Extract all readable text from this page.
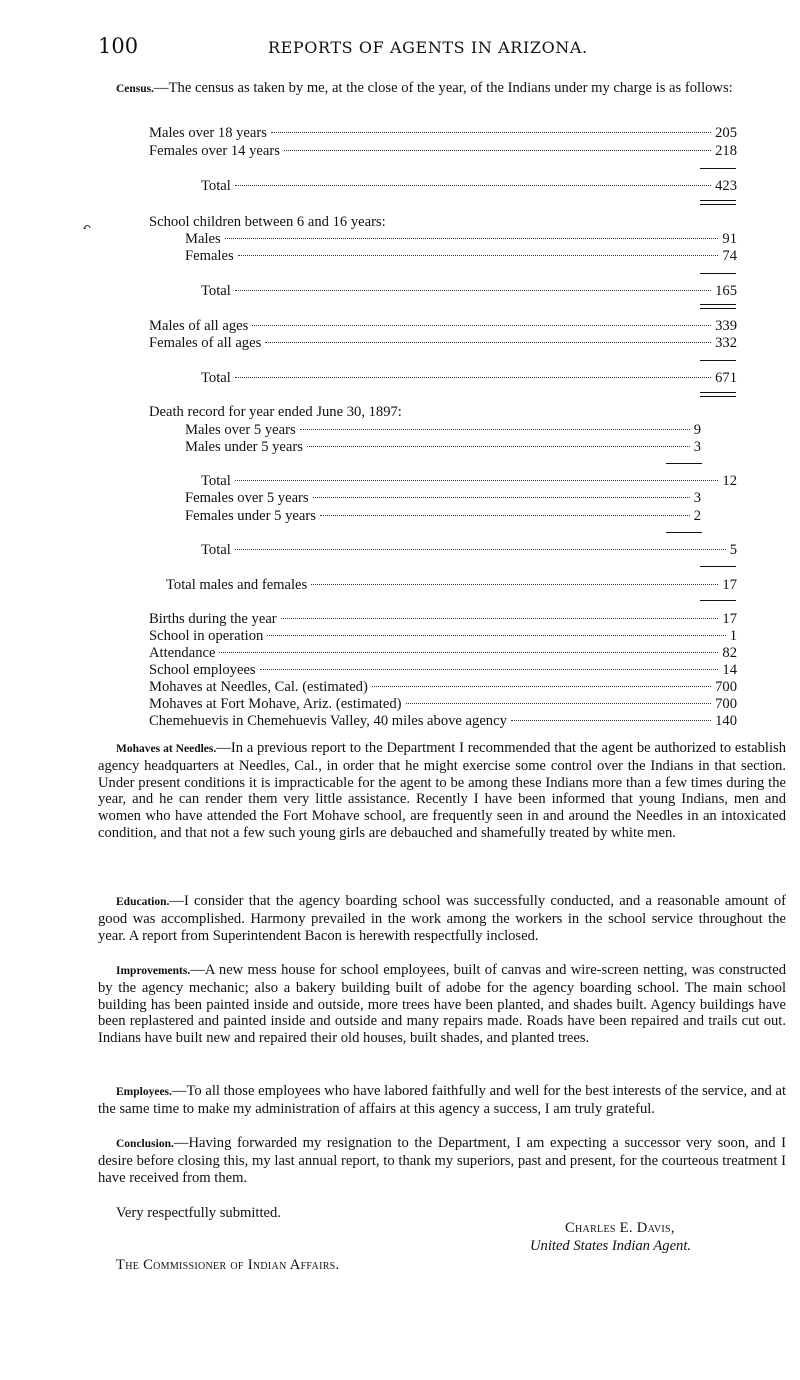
100	REPORTS OF AGENTS IN ARIZONA.
Census.—The census as taken by me, at the close of the year, of the Indians under my charge is as follows:
Males over 18 years	205
Females over 14 years	218
Total	423
↶	School children between 6 and 16 years:
Males	91
Females	74
Total	165
Males of all ages	339
Females of all ages	332
Total	671
Death record for year ended June 30, 1897:
Males over 5 years	9
Males under 5 years	3
Total	12
Females over 5 years	3
Females under 5 years	2
Total	5
Total males and females	17
Births during the year	17
School in operation	1
Attendance	82
School employees	14
Mohaves at Needles, Cal. (estimated)	700
Mohaves at Fort Mohave, Ariz. (estimated)	700
Chemehuevis in Chemehuevis Valley, 40 miles above agency	140
Mohaves at Needles.—In a previous report to the Department I recommended that the agent be authorized to establish agency headquarters at Needles, Cal., in order that he might exercise some control over the Indians in that section. Under present conditions it is impracticable for the agent to be among these Indians more than a few times during the year, and he can render them very little assistance. Recently I have been informed that young Indians, men and women who have attended the Fort Mohave school, are frequently seen in and around the Needles in an intoxicated condition, and that not a few such young girls are debauched and shamefully treated by white men.
Education.—I consider that the agency boarding school was successfully conducted, and a reasonable amount of good was accomplished. Harmony prevailed in the work among the workers in the school service throughout the year. A report from Superintendent Bacon is herewith respectfully inclosed.
Improvements.—A new mess house for school employees, built of canvas and wire-screen netting, was constructed by the agency mechanic; also a bakery building built of adobe for the agency boarding school. The main school building has been painted inside and outside, more trees have been planted, and shades built. Agency buildings have been replastered and painted inside and outside and many repairs made. Roads have been repaired and trails cut out. Indians have built new and repaired their old houses, built shades, and planted trees.
Employees.—To all those employees who have labored faithfully and well for the best interests of the service, and at the same time to make my administration of affairs at this agency a success, I am truly grateful.
Conclusion.—Having forwarded my resignation to the Department, I am expecting a successor very soon, and I desire before closing this, my last annual report, to thank my superiors, past and present, for the courteous treatment I have received from them.
Very respectfully submitted.
Charles E. Davis,
United States Indian Agent.
The Commissioner of Indian Affairs.
